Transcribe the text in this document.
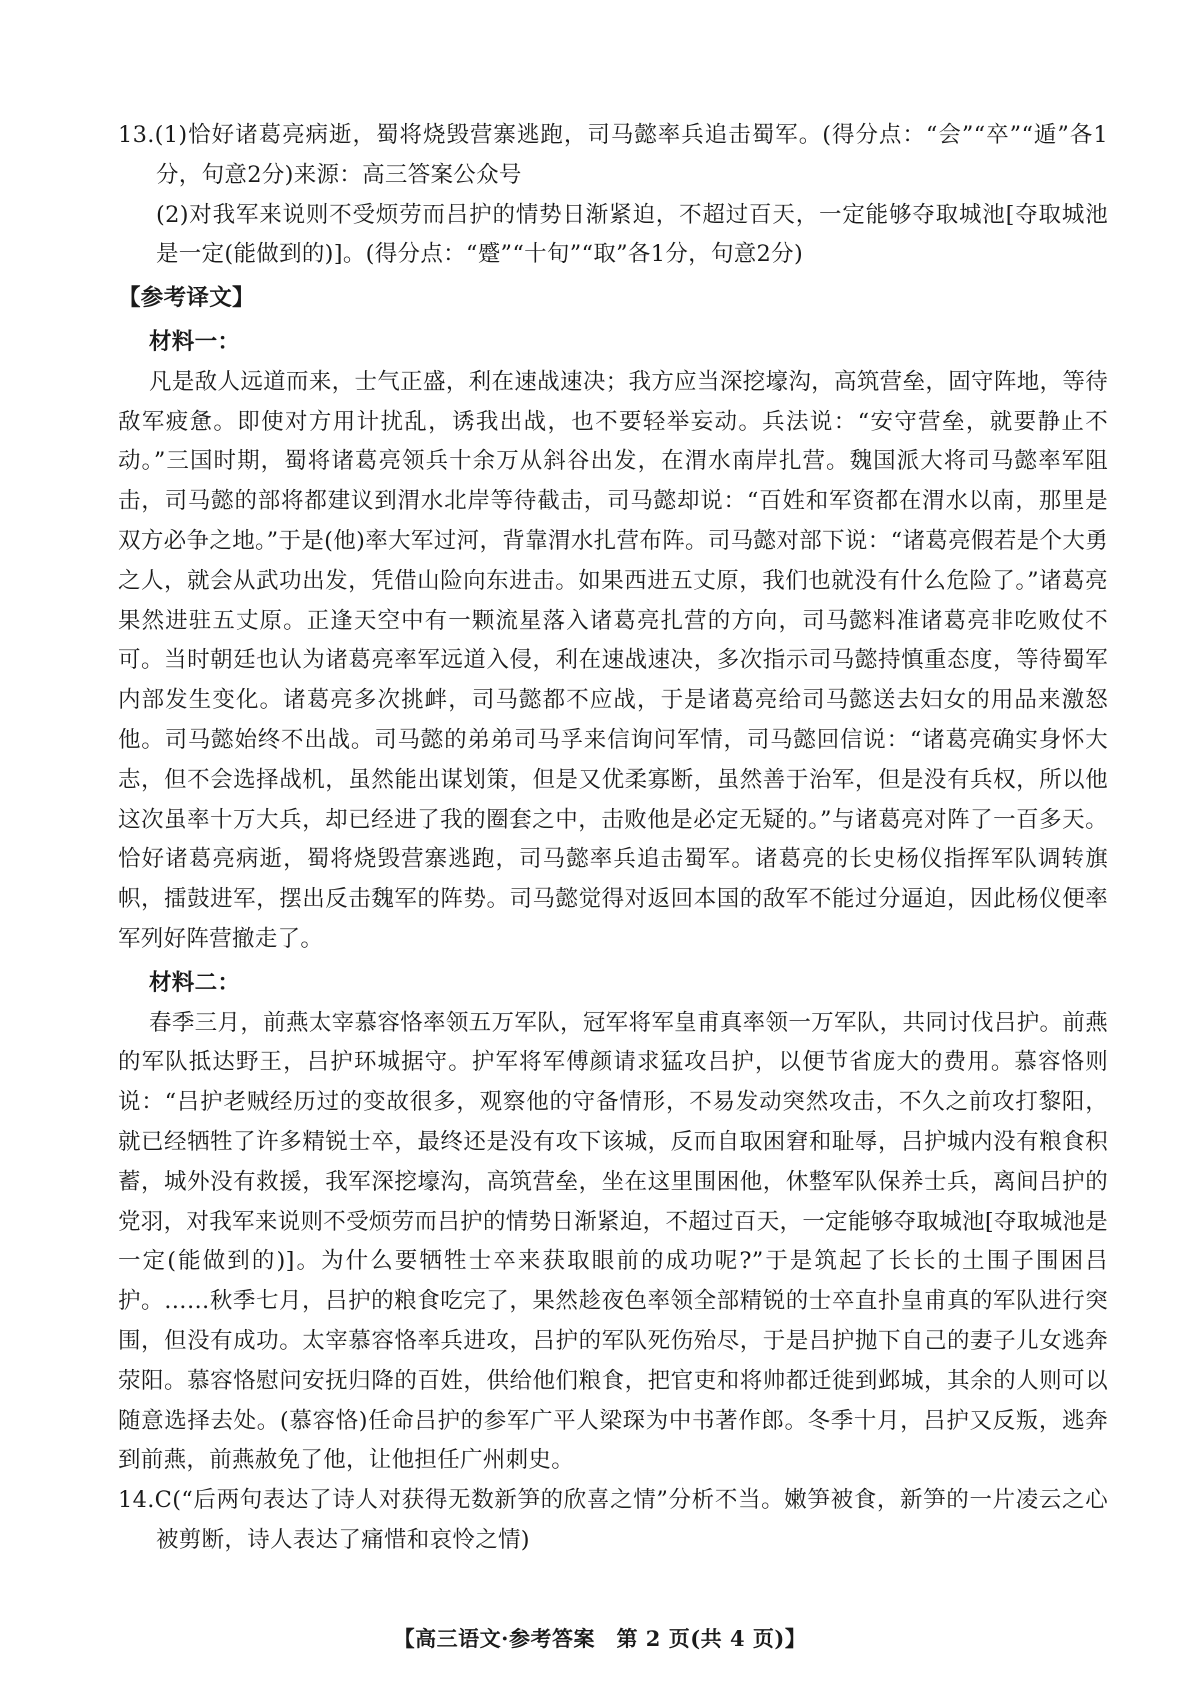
13.(1)恰好诸葛亮病逝，蜀将烧毁营寨逃跑，司马懿率兵追击蜀军。(得分点：“会”“卒”“遁”各1分，句意2分)来源：高三答案公众号

(2)对我军来说则不受烦劳而吕护的情势日渐紧迫，不超过百天，一定能够夺取城池[夺取城池是一定(能做到的)]。(得分点：“蹙”“十旬”“取”各1分，句意2分)

【参考译文】

材料一：

凡是敌人远道而来，士气正盛，利在速战速决；我方应当深挖壕沟，高筑营垒，固守阵地，等待敌军疲惫。即使对方用计扰乱，诱我出战，也不要轻举妄动。兵法说：“安守营垒，就要静止不动。”三国时期，蜀将诸葛亮领兵十余万从斜谷出发，在渭水南岸扎营。魏国派大将司马懿率军阻击，司马懿的部将都建议到渭水北岸等待截击，司马懿却说：“百姓和军资都在渭水以南，那里是双方必争之地。”于是(他)率大军过河，背靠渭水扎营布阵。司马懿对部下说：“诸葛亮假若是个大勇之人，就会从武功出发，凭借山险向东进击。如果西进五丈原，我们也就没有什么危险了。”诸葛亮果然进驻五丈原。正逢天空中有一颗流星落入诸葛亮扎营的方向，司马懿料准诸葛亮非吃败仗不可。当时朝廷也认为诸葛亮率军远道入侵，利在速战速决，多次指示司马懿持慎重态度，等待蜀军内部发生变化。诸葛亮多次挑衅，司马懿都不应战，于是诸葛亮给司马懿送去妇女的用品来激怒他。司马懿始终不出战。司马懿的弟弟司马孚来信询问军情，司马懿回信说：“诸葛亮确实身怀大志，但不会选择战机，虽然能出谋划策，但是又优柔寡断，虽然善于治军，但是没有兵权，所以他这次虽率十万大兵，却已经进了我的圈套之中，击败他是必定无疑的。”与诸葛亮对阵了一百多天。恰好诸葛亮病逝，蜀将烧毁营寨逃跑，司马懿率兵追击蜀军。诸葛亮的长史杨仪指挥军队调转旗帜，擂鼓进军，摆出反击魏军的阵势。司马懿觉得对返回本国的敌军不能过分逼迫，因此杨仪便率军列好阵营撤走了。

材料二：

春季三月，前燕太宰慕容恪率领五万军队，冠军将军皇甫真率领一万军队，共同讨伐吕护。前燕的军队抵达野王，吕护环城据守。护军将军傅颜请求猛攻吕护，以便节省庞大的费用。慕容恪则说：“吕护老贼经历过的变故很多，观察他的守备情形，不易发动突然攻击，不久之前攻打黎阳，就已经牺牲了许多精锐士卒，最终还是没有攻下该城，反而自取困窘和耻辱，吕护城内没有粮食积蓄，城外没有救援，我军深挖壕沟，高筑营垒，坐在这里围困他，休整军队保养士兵，离间吕护的党羽，对我军来说则不受烦劳而吕护的情势日渐紧迫，不超过百天，一定能够夺取城池[夺取城池是一定(能做到的)]。为什么要牺牲士卒来获取眼前的成功呢?”于是筑起了长长的土围子围困吕护。……秋季七月，吕护的粮食吃完了，果然趁夜色率领全部精锐的士卒直扑皇甫真的军队进行突围，但没有成功。太宰慕容恪率兵进攻，吕护的军队死伤殆尽，于是吕护抛下自己的妻子儿女逃奔荥阳。慕容恪慰问安抚归降的百姓，供给他们粮食，把官吏和将帅都迁徙到邺城，其余的人则可以随意选择去处。(慕容恪)任命吕护的参军广平人梁琛为中书著作郎。冬季十月，吕护又反叛，逃奔到前燕，前燕赦免了他，让他担任广州刺史。

14.C(“后两句表达了诗人对获得无数新笋的欣喜之情”分析不当。嫩笋被食，新笋的一片凌云之心被剪断，诗人表达了痛惜和哀怜之情)

【高三语文·参考答案　第 2 页(共 4 页)】
